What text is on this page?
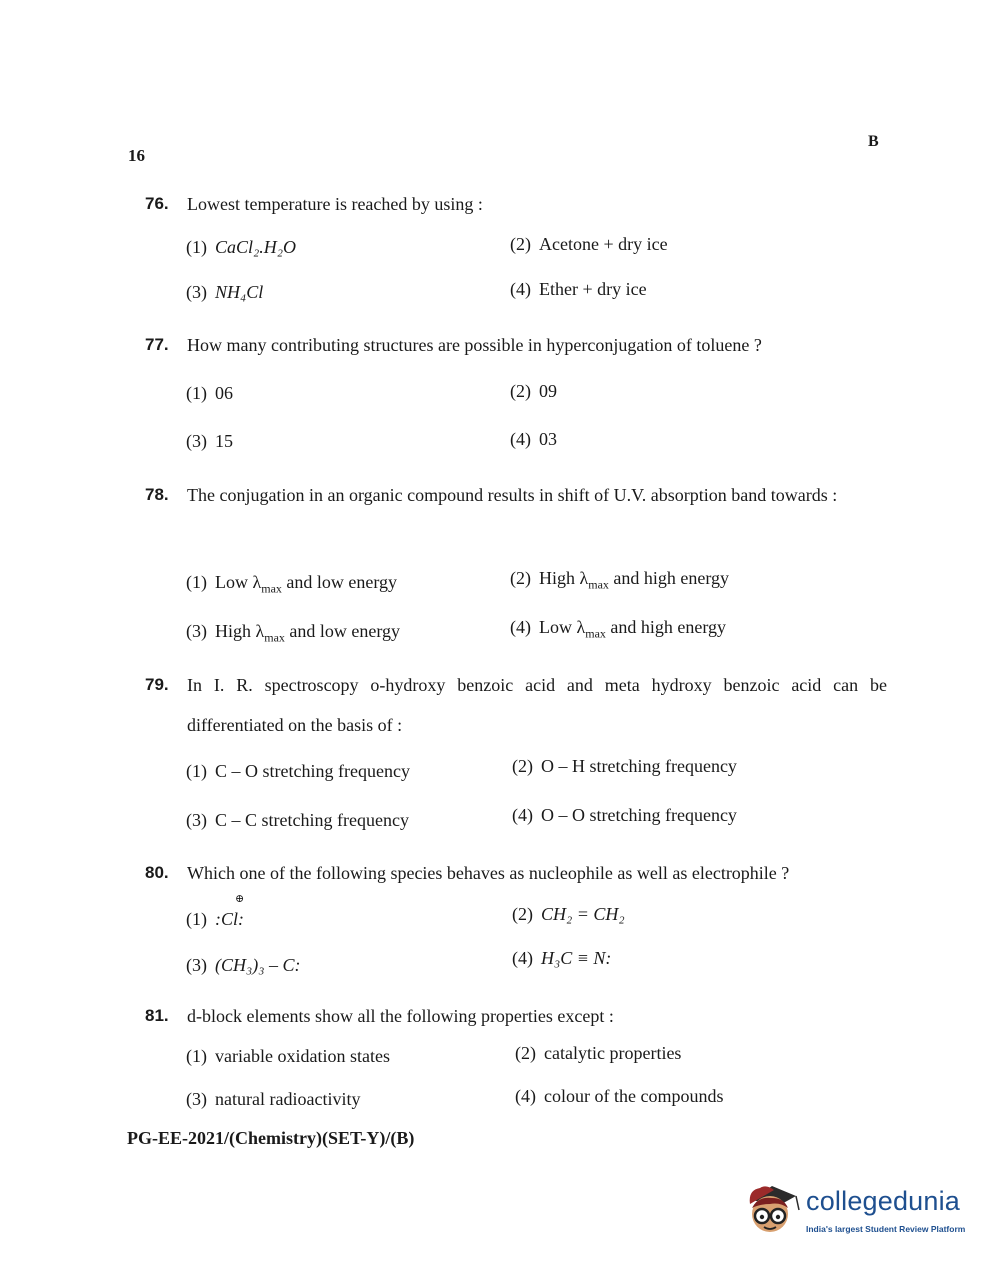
16
B
76. Lowest temperature is reached by using :
(1) CaCl₂.H₂O	(2) Acetone + dry ice
(3) NH₄Cl	(4) Ether + dry ice
77. How many contributing structures are possible in hyperconjugation of toluene ?
(1) 06	(2) 09
(3) 15	(4) 03
78. The conjugation in an organic compound results in shift of U.V. absorption band towards :
(1) Low $\lambda_{max}$ and low energy	(2) High $\lambda_{max}$ and high energy
(3) High $\lambda_{max}$ and low energy	(4) Low $\lambda_{max}$ and high energy
79. In I. R. spectroscopy o-hydroxy benzoic acid and meta hydroxy benzoic acid can be differentiated on the basis of :
(1) C – O stretching frequency	(2) O – H stretching frequency
(3) C – C stretching frequency	(4) O – O stretching frequency
80. Which one of the following species behaves as nucleophile as well as electrophile ?
⊕
(1) :Cl:	(2) CH₂ = CH₂
(3) (CH₃)₃ – C:	(4) H₃C ≡ N:
81. d-block elements show all the following properties except :
(1) variable oxidation states	(2) catalytic properties
(3) natural radioactivity	(4) colour of the compounds
PG-EE-2021/(Chemistry)(SET-Y)/(B)
collegedunia
India's largest Student Review Platform
